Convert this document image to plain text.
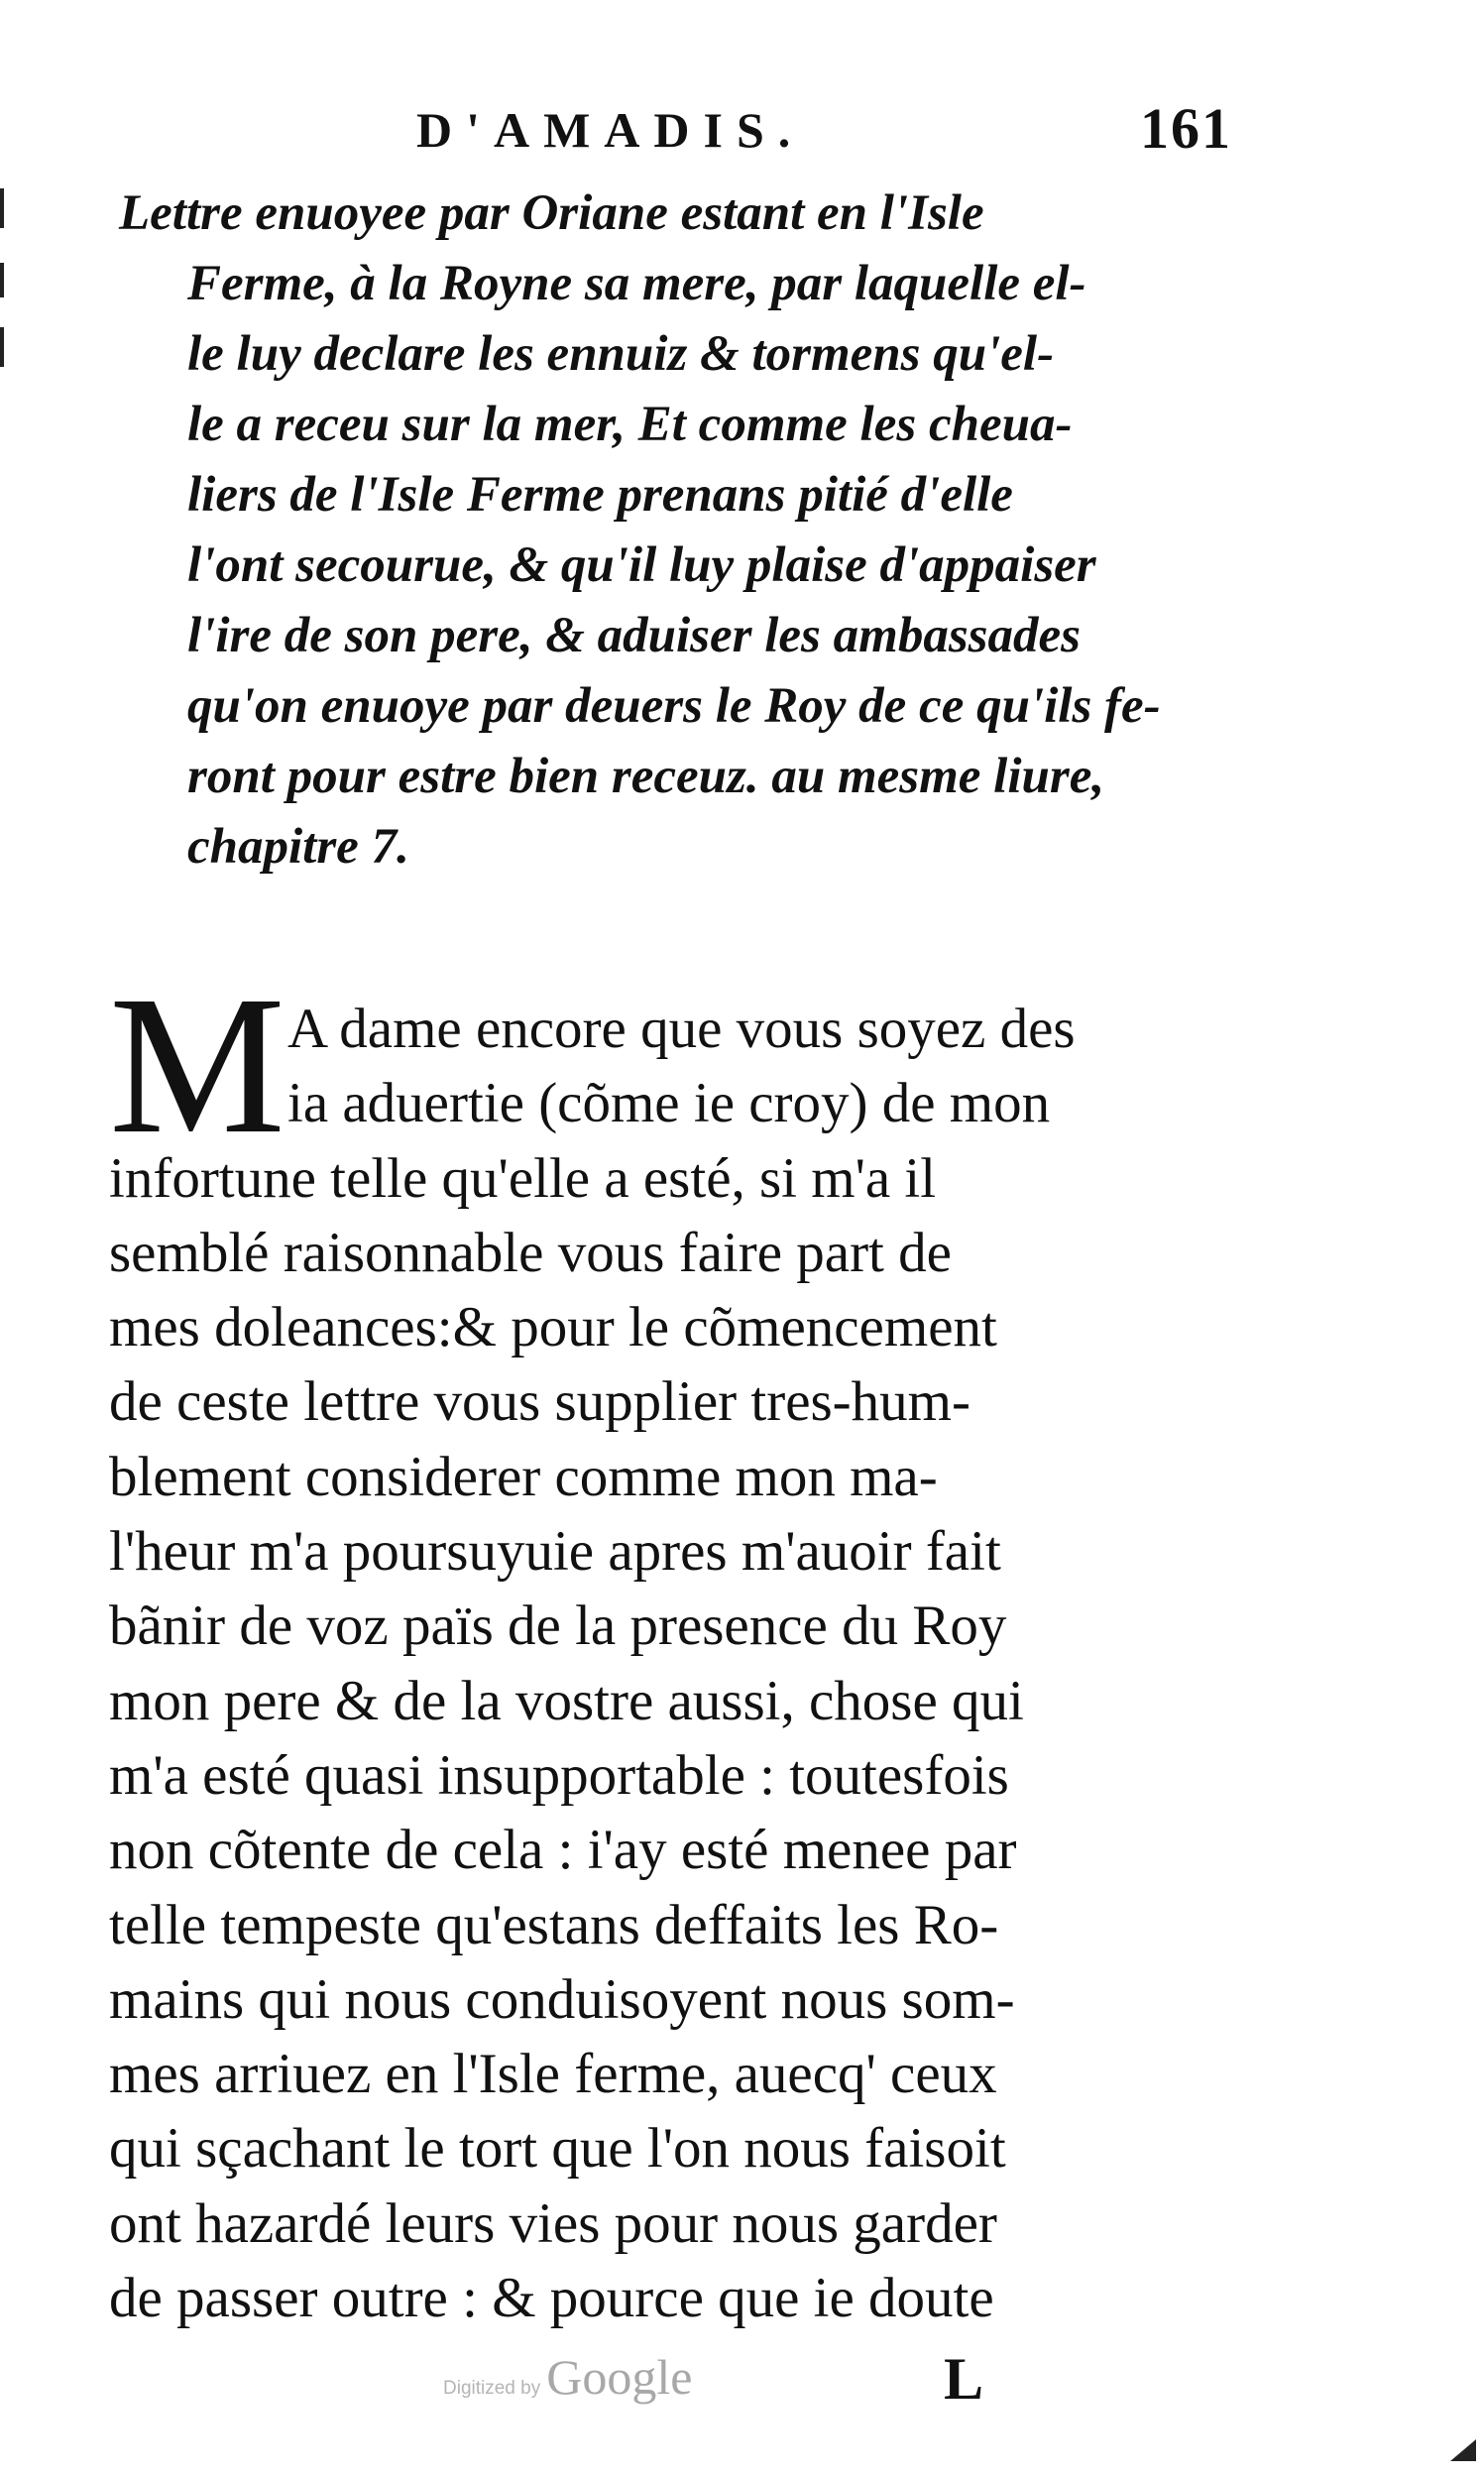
D'AMADIS.	161
Lettre enuoyee par Oriane estant en l'Isle
Ferme, à la Royne sa mere, par laquelle el-
le luy declare les ennuiz & tormens qu'el-
le a receu sur la mer, Et comme les cheua-
liers de l'Isle Ferme prenans pitié d'elle
l'ont secourue, & qu'il luy plaise d'appaiser
l'ire de son pere, & aduiser les ambassades
qu'on enuoye par deuers le Roy de ce qu'ils fe-
ront pour estre bien receuz. au mesme liure,
chapitre 7.
M A dame encore que vous soyez des
ia aduertie (cõme ie croy) de mon
infortune telle qu'elle a esté, si m'a il
semblé raisonnable vous faire part de
mes doleances:& pour le cõmencement
de ceste lettre vous supplier tres-hum-
blement considerer comme mon ma-
l'heur m'a poursuyuie apres m'auoir fait
bãnir de voz païs de la presence du Roy
mon pere & de la vostre aussi, chose qui
m'a esté quasi insupportable : toutesfois
non cõtente de cela : i'ay esté menee par
telle tempeste qu'estans deffaits les Ro-
mains qui nous conduisoyent nous som-
mes arriuez en l'Isle ferme, auecq' ceux
qui sçachant le tort que l'on nous faisoit
ont hazardé leurs vies pour nous garder
de passer outre : & pource que ie doute
Digitized by Google	L
